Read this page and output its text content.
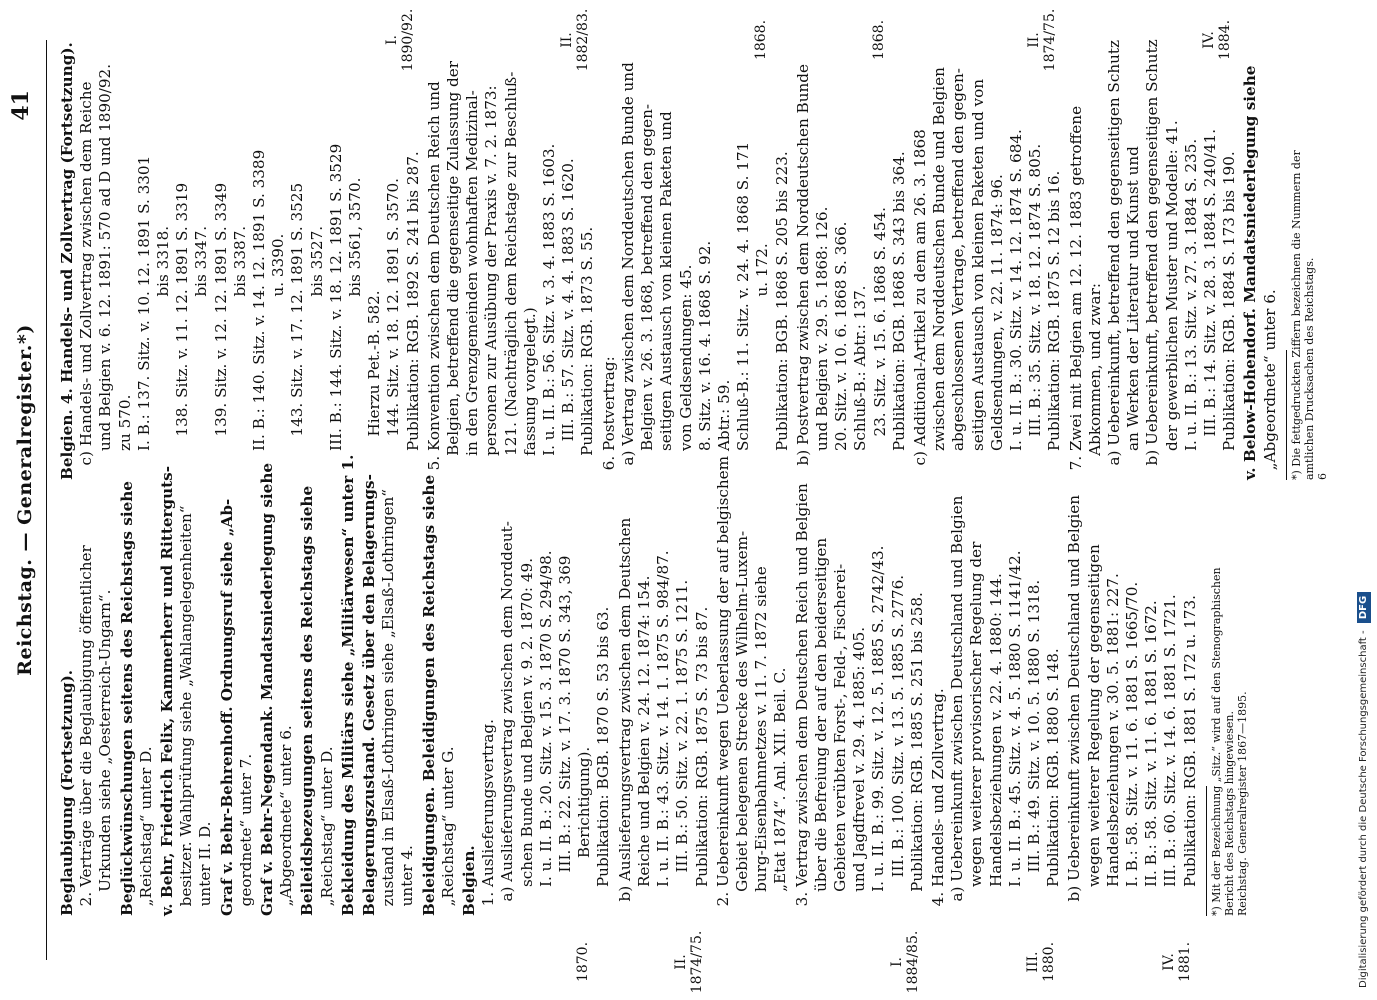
Reichstag. — Generalregister.*)
41
Beglaubigung (Fortsetzung). 2. Verträge über die Beglaubigung öffentlicher Urkunden siehe „Oesterreich-Ungarn“. Beglückwünschungen seitens des Reichstags siehe „Reichstag“ unter D. v. Behr, Friedrich Felix, Kammerherr und Ritterguts- besitzer. Wahlprüfung siehe „Wahlangelegenheiten“ unter II. D. Graf v. Behr-Behrenhoff. Ordnungsruf siehe „Ab- geordnete“ unter 7. Graf v. Behr-Negendank. Mandatsniederlegung siehe „Abgeordnete“ unter 6. Beileidsbezeugungen seitens des Reichstags siehe „Reichstag“ unter D. Bekleidung des Militärs siehe „Militärwesen“ unter 1. Belagerungszustand. Gesetz über den Belagerungs- zustand in Elsaß-Lothringen siehe „Elsaß-Lothringen“ unter 4. Beleidigungen. Beleidigungen des Reichstags siehe „Reichstag“ unter G.
1870.
Belgien. 1. Auslieferungsvertrag. a) Auslieferungsvertrag zwischen dem Norddeut- schen Bunde und Belgien v. 9. 2. 1870: 49. I. u. II. B.: 20. Sitz. v. 15. 3. 1870 S. 294/98. III. B.: 22. Sitz. v. 17. 3. 1870 S. 343, 369 Berichtigung). Publikation: BGB. 1870 S. 53 bis 63.
II.
1874/75.
b) Auslieferungsvertrag zwischen dem Deutschen Reiche und Belgien v. 24. 12. 1874: 154. I. u. II. B.: 43. Sitz. v. 14. 1. 1875 S. 984/87. III. B.: 50. Sitz. v. 22. 1. 1875 S. 1211. Publikation: RGB. 1875 S. 73 bis 87. 2. Uebereinkunft wegen Ueberlassung der auf belgischem Gebiet belegenen Strecke des Wilhelm-Luxem- burg-Eisenbahnnetzes v. 11. 7. 1872 siehe „Etat 1874“. Anl. XII. Beil. C.
I.
1884/85.
3. Vertrag zwischen dem Deutschen Reich und Belgien über die Befreiung der auf den beiderseitigen Gebieten verübten Forst-, Feld-, Fischerei- und Jagdfrevel v. 29. 4. 1885: 405. I. u. II. B.: 99. Sitz. v. 12. 5. 1885 S. 2742/43. III. B.: 100. Sitz. v. 13. 5. 1885 S. 2776. Publikation: RGB. 1885 S. 251 bis 258.
III.
1880.
4. Handels- und Zollvertrag. a) Uebereinkunft zwischen Deutschland und Belgien wegen weiterer provisorischer Regelung der Handelsbeziehungen v. 22. 4. 1880: 144. I. u. II. B.: 45. Sitz. v. 4. 5. 1880 S. 1141/42. III. B.: 49. Sitz. v. 10. 5. 1880 S. 1318. Publikation: RGB. 1880 S. 148.
IV.
1881.
b) Uebereinkunft zwischen Deutschland und Belgien wegen weiterer Regelung der gegenseitigen Handelsbeziehungen v. 30. 5. 1881: 227. I. B.: 58. Sitz. v. 11. 6. 1881 S. 1665/70. II. B.: 58. Sitz. v. 11. 6. 1881 S. 1672. III. B.: 60. Sitz. v. 14. 6. 1881 S. 1721. Publikation: RGB. 1881 S. 172 u. 173. *) Mit der Bezeichnung „Sitz.“ wird auf den Stenographischen Bericht des Reichstags hingewiesen. Reichstag. Generalregister 1867—1895.
I.
1890/92.
Belgien. 4. Handels- und Zollvertrag (Fortsetzung). c) Handels- und Zollvertrag zwischen dem Reiche und Belgien v. 6. 12. 1891: 570 ad D und 1890/92. zu 570. I. B.: 137. Sitz. v. 10. 12. 1891 S. 3301 bis 3318. 138. Sitz. v. 11. 12. 1891 S. 3319 bis 3347. 139. Sitz. v. 12. 12. 1891 S. 3349 bis 3387. II. B.: 140. Sitz. v. 14. 12. 1891 S. 3389 u. 3390. 143. Sitz. v. 17. 12. 1891 S. 3525 bis 3527. III. B.: 144. Sitz. v. 18. 12. 1891 S. 3529 bis 3561, 3570. Hierzu Pet.-B. 582. 144. Sitz. v. 18. 12. 1891 S. 3570. Publikation: RGB. 1892 S. 241 bis 287.
II.
1882/83.
5. Konvention zwischen dem Deutschen Reich und Belgien, betreffend die gegenseitige Zulassung der in den Grenzgemeinden wohnhaften Medizinal- personen zur Ausübung der Praxis v. 7. 2. 1873: 121. (Nachträglich dem Reichstage zur Beschluß- fassung vorgelegt.) I. u. II. B.: 56. Sitz. v. 3. 4. 1883 S. 1603. III. B.: 57. Sitz. v. 4. 4. 1883 S. 1620. Publikation: RGB. 1873 S. 55.
1868.
6. Postvertrag: a) Vertrag zwischen dem Norddeutschen Bunde und Belgien v. 26. 3. 1868, betreffend den gegen- seitigen Austausch von kleinen Paketen und von Geldsendungen: 45. 8. Sitz. v. 16. 4. 1868 S. 92. Abtr.: 59. Schluß-B.: 11. Sitz. v. 24. 4. 1868 S. 171 u. 172. Publikation: BGB. 1868 S. 205 bis 223.
1868.
b) Postvertrag zwischen dem Norddeutschen Bunde und Belgien v. 29. 5. 1868: 126. 20. Sitz. v. 10. 6. 1868 S. 366. Schluß-B.: Abtr.: 137. 23. Sitz. v. 15. 6. 1868 S. 454. Publikation: BGB. 1868 S. 343 bis 364.
II.
1874/75.
c) Additional-Artikel zu dem am 26. 3. 1868 zwischen dem Norddeutschen Bunde und Belgien abgeschlossenen Vertrage, betreffend den gegen- seitigen Austausch von kleinen Paketen und von Geldsendungen, v. 22. 11. 1874: 96. I. u. II. B.: 30. Sitz. v. 14. 12. 1874 S. 684. III. B.: 35. Sitz. v. 18. 12. 1874 S. 805. Publikation: RGB. 1875 S. 12 bis 16.
IV.
1884.
7. Zwei mit Belgien am 12. 12. 1883 getroffene Abkommen, und zwar: a) Uebereinkunft, betreffend den gegenseitigen Schutz an Werken der Literatur und Kunst und b) Uebereinkunft, betreffend den gegenseitigen Schutz der gewerblichen Muster und Modelle: 41. I. u. II. B.: 13. Sitz. v. 27. 3. 1884 S. 235. III. B.: 14. Sitz. v. 28. 3. 1884 S. 240/41. Publikation: RGB. 1884 S. 173 bis 190. v. Below-Hohendorf. Mandatsniederlegung siehe „Abgeordnete“ unter 6. *) Die fettgedruckten Ziffern bezeichnen die Nummern der amtlichen Drucksachen des Reichstags. 6
Digitalisierung gefördert durch die Deutsche Forschungsgemeinschaft - DFG
